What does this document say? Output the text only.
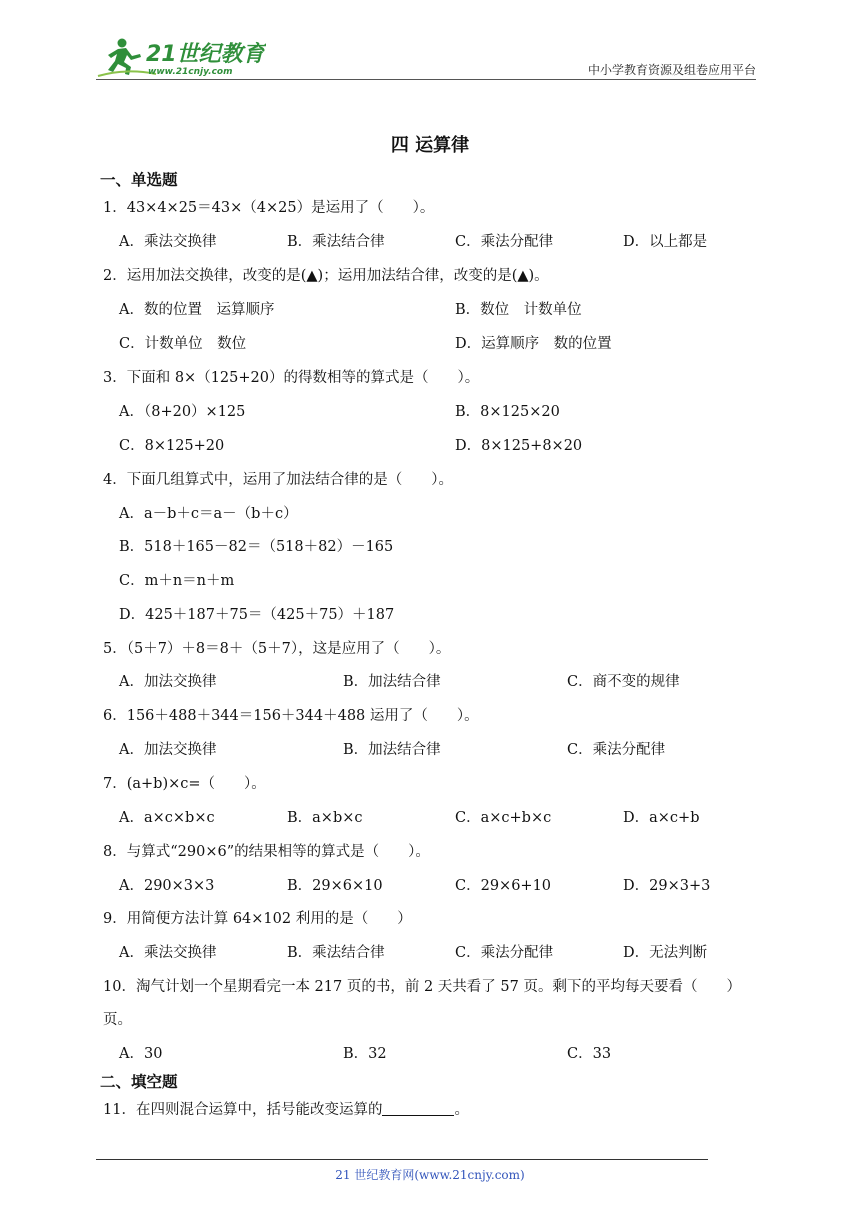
21世纪教育
www.21cnjy.com	中小学教育资源及组卷应用平台
四 运算律
一、单选题
1．43×4×25＝43×（4×25）是运用了（　　）。
A．乘法交换律	B．乘法结合律	C．乘法分配律	D．以上都是
2．运用加法交换律，改变的是(▲)；运用加法结合律，改变的是(▲)。
A．数的位置　运算顺序	B．数位　计数单位
C．计数单位　数位	D．运算顺序　数的位置
3．下面和 8×（125+20）的得数相等的算式是（　　）。
A．（8+20）×125	B．8×125×20
C．8×125+20	D．8×125+8×20
4．下面几组算式中，运用了加法结合律的是（　　）。
A．a－b＋c＝a－（b＋c）
B．518＋165－82＝（518＋82）－165
C．m＋n＝n＋m
D．425＋187＋75＝（425＋75）＋187
5．（5＋7）＋8＝8＋（5＋7），这是应用了（　　）。
A．加法交换律	B．加法结合律	C．商不变的规律
6．156＋488＋344＝156＋344＋488 运用了（　　）。
A．加法交换律	B．加法结合律	C．乘法分配律
7．(a+b)×c=（　　）。
A．a×c×b×c	B．a×b×c	C．a×c+b×c	D．a×c+b
8．与算式“290×6”的结果相等的算式是（　　）。
A．290×3×3	B．29×6×10	C．29×6+10	D．29×3+3
9．用简便方法计算 64×102 利用的是（　　）
A．乘法交换律	B．乘法结合律	C．乘法分配律	D．无法判断
10．淘气计划一个星期看完一本 217 页的书，前 2 天共看了 57 页。剩下的平均每天要看（　　）
页。
A．30	B．32	C．33
二、填空题
11．在四则混合运算中，括号能改变运算的	。
21 世纪教育网(www.21cnjy.com)
